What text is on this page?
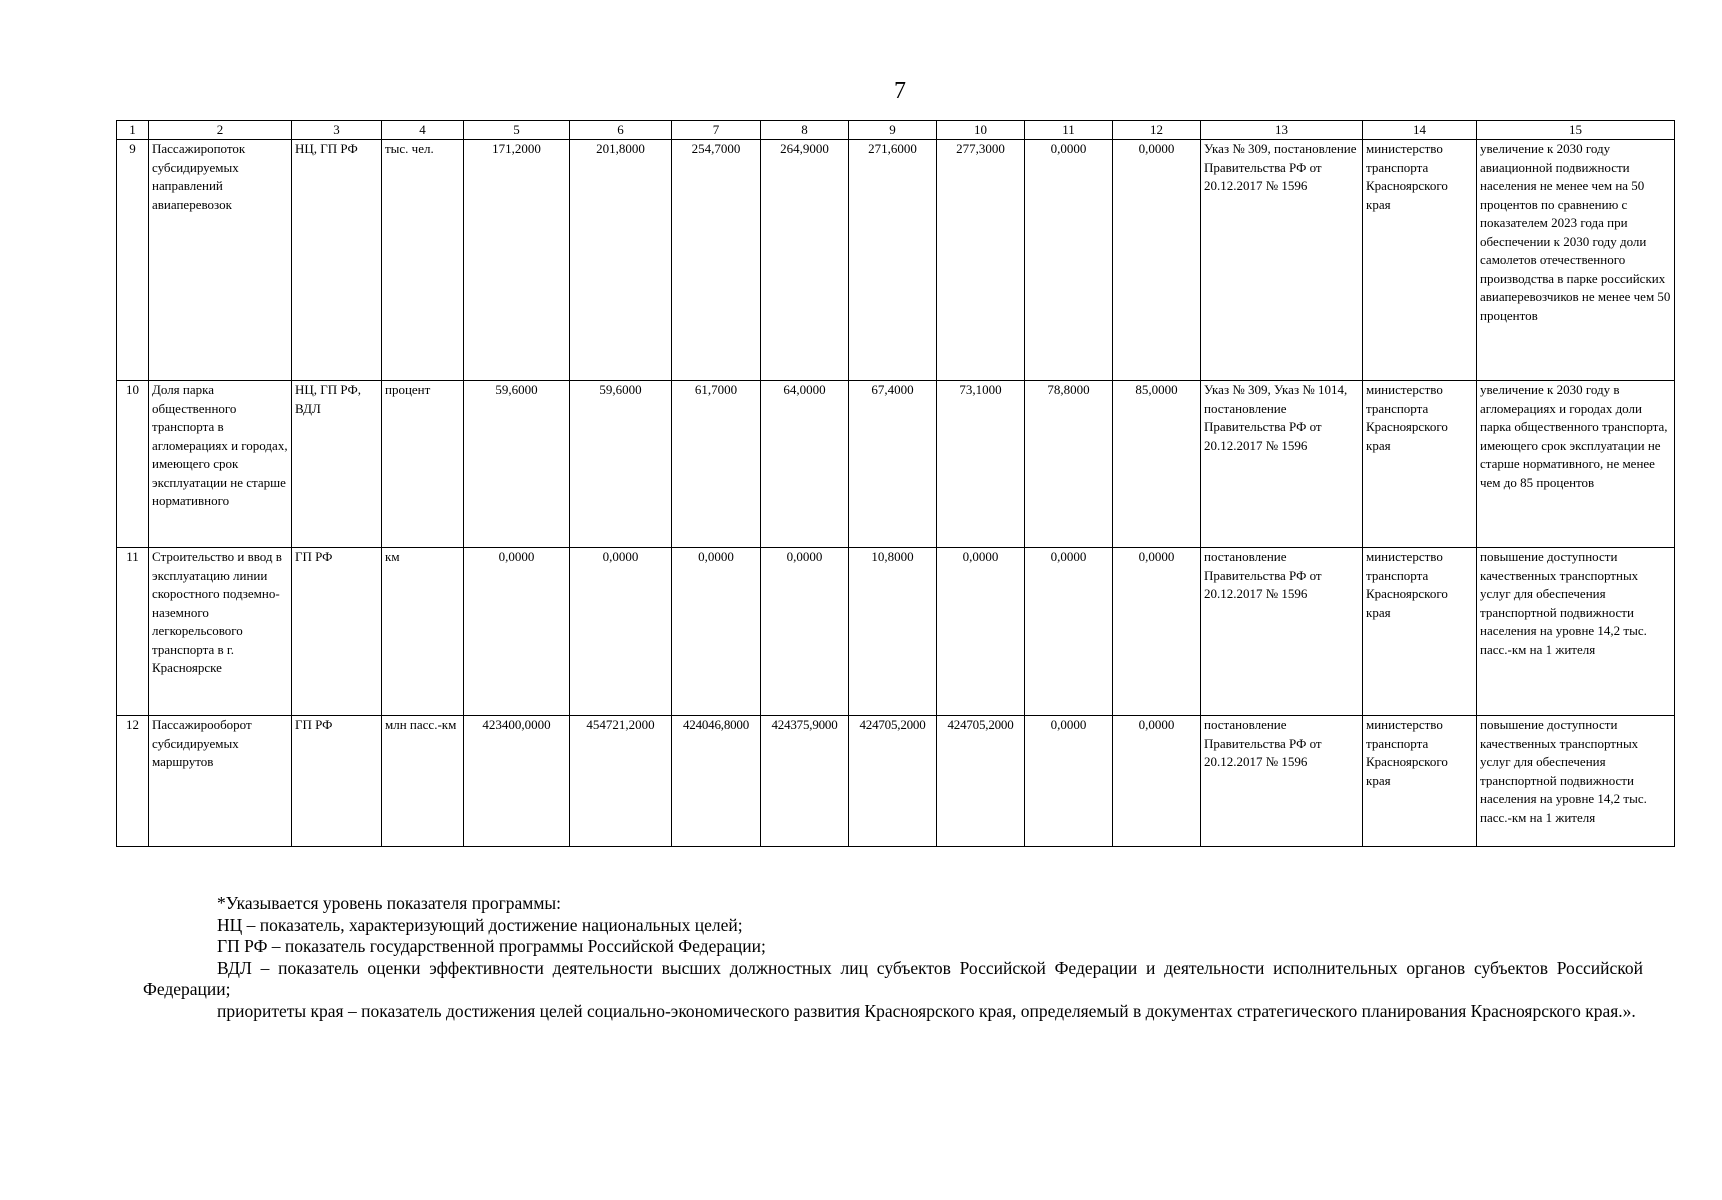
7
1	2	3	4	5	6	7	8	9	10	11	12	13	14	15
9	Пассажиропоток субсидируемых направлений авиаперевозок	НЦ, ГП РФ	тыс. чел.	171,2000	201,8000	254,7000	264,9000	271,6000	277,3000	0,0000	0,0000	Указ № 309, постановление Правительства РФ от 20.12.2017 № 1596	министерство транспорта Красноярского края	увеличение к 2030 году авиационной подвижности населения не менее чем на 50 процентов по сравнению с показателем 2023 года при обеспечении к 2030 году доли самолетов отечественного производства в парке российских авиаперевозчиков не менее чем 50 процентов
10	Доля парка общественного транспорта в агломерациях и городах, имеющего срок эксплуатации не старше нормативного	НЦ, ГП РФ, ВДЛ	процент	59,6000	59,6000	61,7000	64,0000	67,4000	73,1000	78,8000	85,0000	Указ № 309, Указ № 1014, постановление Правительства РФ от 20.12.2017 № 1596	министерство транспорта Красноярского края	увеличение к 2030 году в агломерациях и городах доли парка общественного транспорта, имеющего срок эксплуатации не старше нормативного, не менее чем до 85 процентов
11	Строительство и ввод в эксплуатацию линии скоростного подземно-наземного легкорельсового транспорта в г. Красноярске	ГП РФ	км	0,0000	0,0000	0,0000	0,0000	10,8000	0,0000	0,0000	0,0000	постановление Правительства РФ от 20.12.2017 № 1596	министерство транспорта Красноярского края	повышение доступности качественных транспортных услуг для обеспечения транспортной подвижности населения на уровне 14,2 тыс. пасс.-км на 1 жителя
12	Пассажирооборот субсидируемых маршрутов	ГП РФ	млн пасс.-км	423400,0000	454721,2000	424046,8000	424375,9000	424705,2000	424705,2000	0,0000	0,0000	постановление Правительства РФ от 20.12.2017 № 1596	министерство транспорта Красноярского края	повышение доступности качественных транспортных услуг для обеспечения транспортной подвижности населения на уровне 14,2 тыс. пасс.-км на 1 жителя

*Указывается уровень показателя программы:

НЦ – показатель, характеризующий достижение национальных целей;

ГП РФ – показатель государственной программы Российской Федерации;

ВДЛ – показатель оценки эффективности деятельности высших должностных лиц субъектов Российской Федерации и деятельности исполнительных органов субъектов Российской Федерации;

приоритеты края – показатель достижения целей социально-экономического развития Красноярского края, определяемый в документах стратегического планирования Красноярского края.».
